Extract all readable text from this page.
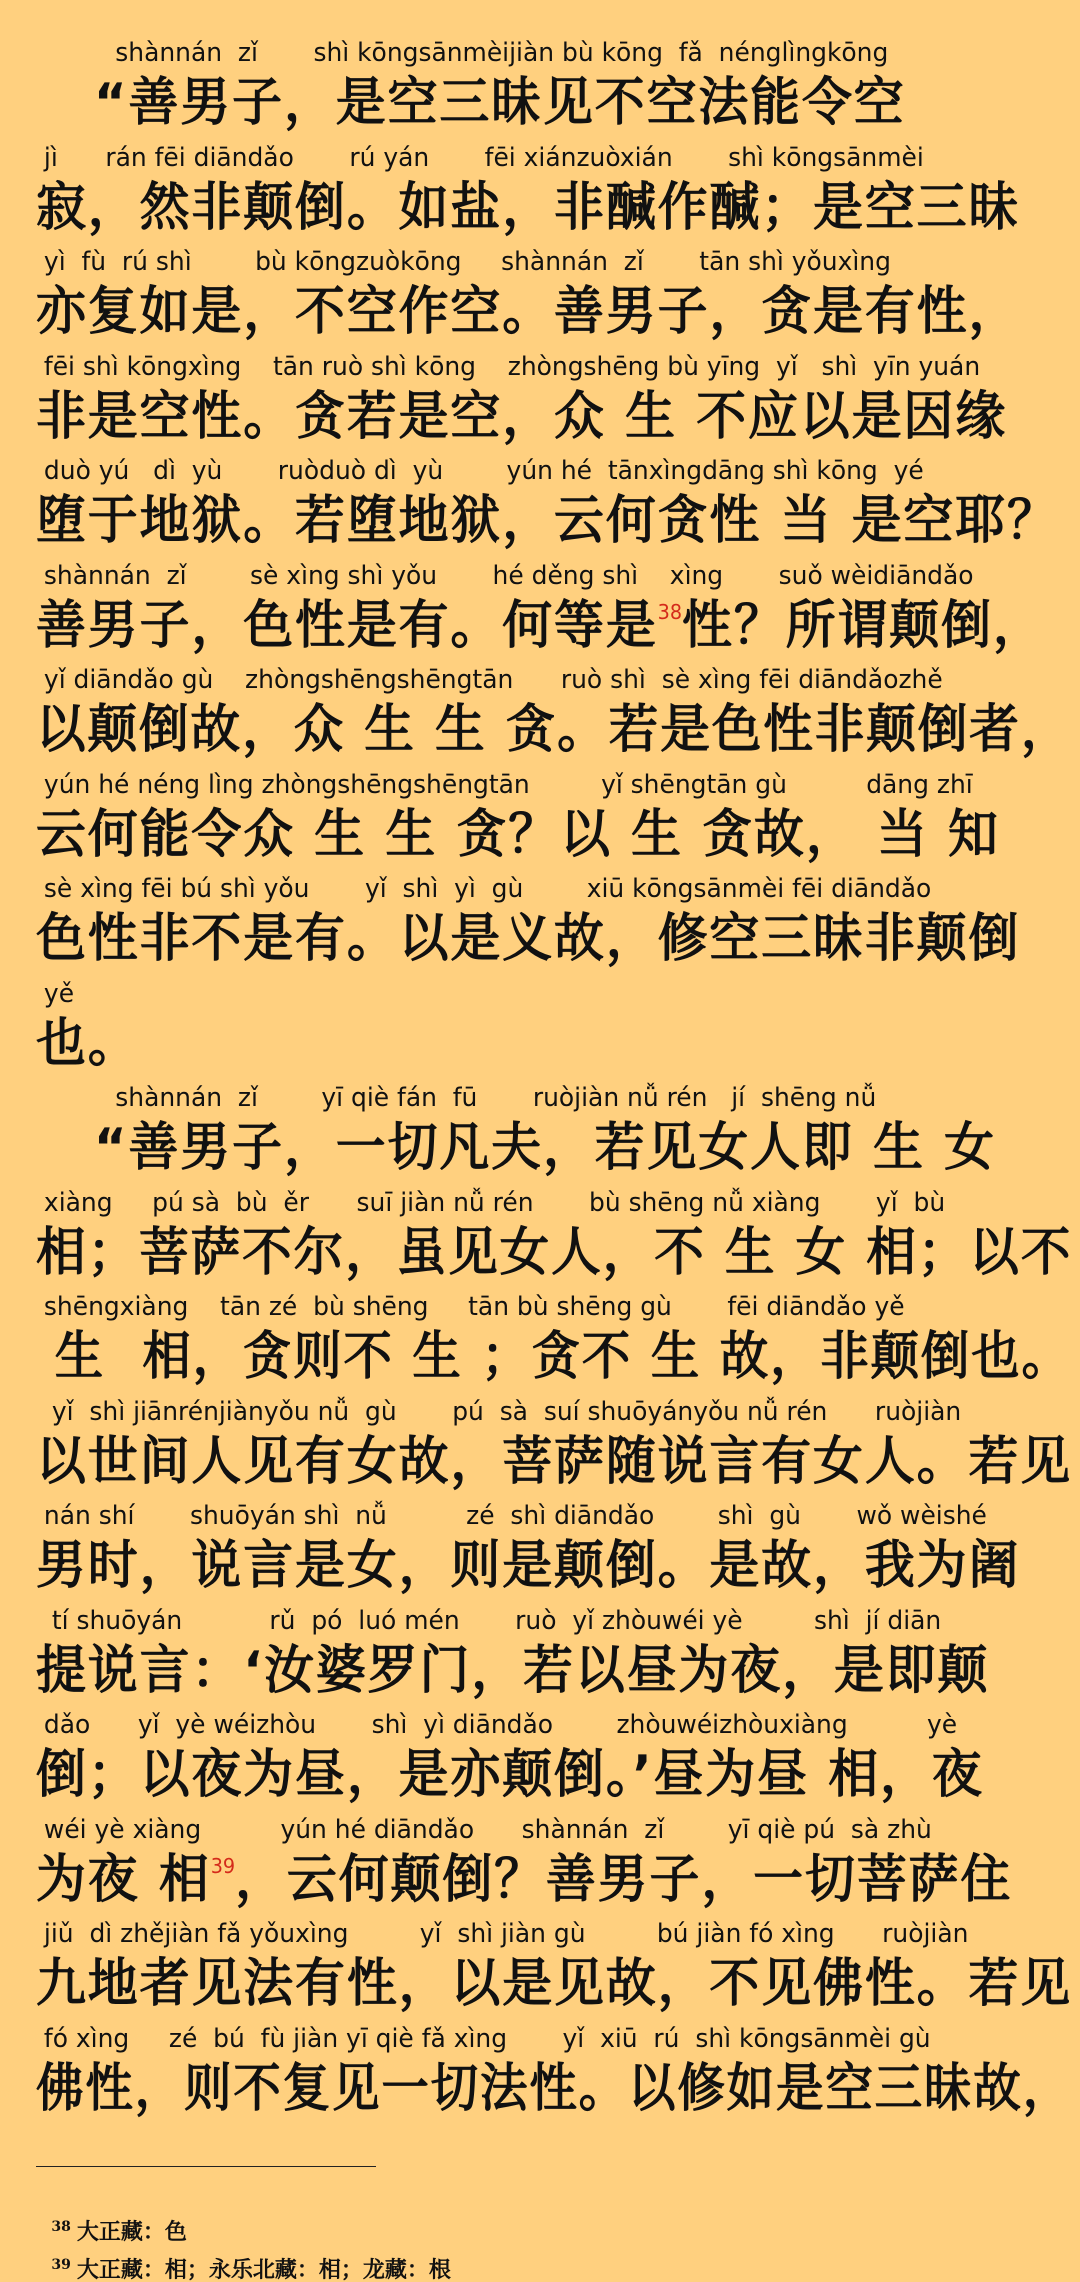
shànnán  zǐ       shì kōngsānmèijiàn bù kōng  fǎ  nénglìngkōng
“善男子，是空三昧见不空法能令空
jì      rán fēi diāndǎo       rú yán       fēi xiánzuòxián       shì kōngsānmèi
寂，然非颠倒。如盐，非醎作醎；是空三昧
yì  fù  rú shì        bù kōngzuòkōng     shànnán  zǐ       tān shì yǒuxìng
亦复如是，不空作空。善男子，贪是有性，
fēi shì kōngxìng    tān ruò shì kōng    zhòngshēng bù yīng  yǐ   shì  yīn yuán
非是空性。贪若是空，众 生 不应以是因缘
duò yú   dì  yù       ruòduò dì  yù        yún hé  tānxìngdāng shì kōng  yé
堕于地狱。若堕地狱，云何贪性 当 是空耶？
shànnán  zǐ        sè xìng shì yǒu       hé děng shì    xìng       suǒ wèidiāndǎo
善男子，色性是有。何等是$^{38}$性？所谓颠倒，
yǐ diāndǎo gù    zhòngshēngshēngtān      ruò shì  sè xìng fēi diāndǎozhě
以颠倒故，众 生 生 贪。若是色性非颠倒者，
yún hé néng lìng zhòngshēngshēngtān         yǐ shēngtān gù          dāng zhī
云何能令众 生 生 贪？以 生 贪故， 当 知
sè xìng fēi bú shì yǒu       yǐ  shì  yì  gù        xiū kōngsānmèi fēi diāndǎo
色性非不是有。以是义故，修空三昧非颠倒
yě
也。
shànnán  zǐ        yī qiè fán  fū       ruòjiàn nǚ rén   jí  shēng nǚ
“善男子，一切凡夫，若见女人即 生 女
xiàng     pú sà  bù  ěr      suī jiàn nǚ rén       bù shēng nǚ xiàng       yǐ  bù
相；菩萨不尔，虽见女人，不 生 女 相；以不
shēngxiàng    tān zé  bù shēng     tān bù shēng gù       fēi diāndǎo yě
生  相，贪则不 生 ；贪不 生 故，非颠倒也。
yǐ  shì jiānrénjiànyǒu nǚ  gù       pú  sà  suí shuōyányǒu nǚ rén      ruòjiàn
以世间人见有女故，菩萨随说言有女人。若见
nán shí       shuōyán shì  nǚ          zé  shì diāndǎo        shì  gù       wǒ wèishé
男时，说言是女，则是颠倒。是故，我为阇
tí shuōyán           rǔ  pó  luó mén       ruò  yǐ zhòuwéi yè         shì  jí diān
提说言：‘汝婆罗门，若以昼为夜，是即颠
dǎo      yǐ  yè wéizhòu       shì  yì diāndǎo        zhòuwéizhòuxiàng          yè
倒；以夜为昼，是亦颠倒。’昼为昼 相，夜
wéi yè xiàng          yún hé diāndǎo      shànnán  zǐ        yī qiè pú  sà zhù
为夜 相$^{39}$，云何颠倒？善男子，一切菩萨住
jiǔ  dì zhějiàn fǎ yǒuxìng         yǐ  shì jiàn gù         bú jiàn fó xìng      ruòjiàn
九地者见法有性，以是见故，不见佛性。若见
fó xìng     zé  bú  fù jiàn yī qiè fǎ xìng       yǐ  xiū  rú  shì kōngsānmèi gù
佛性，则不复见一切法性。以修如是空三昧故，

$^{38}$ 大正藏：色

$^{39}$ 大正藏：相；永乐北藏：相；龙藏：根
